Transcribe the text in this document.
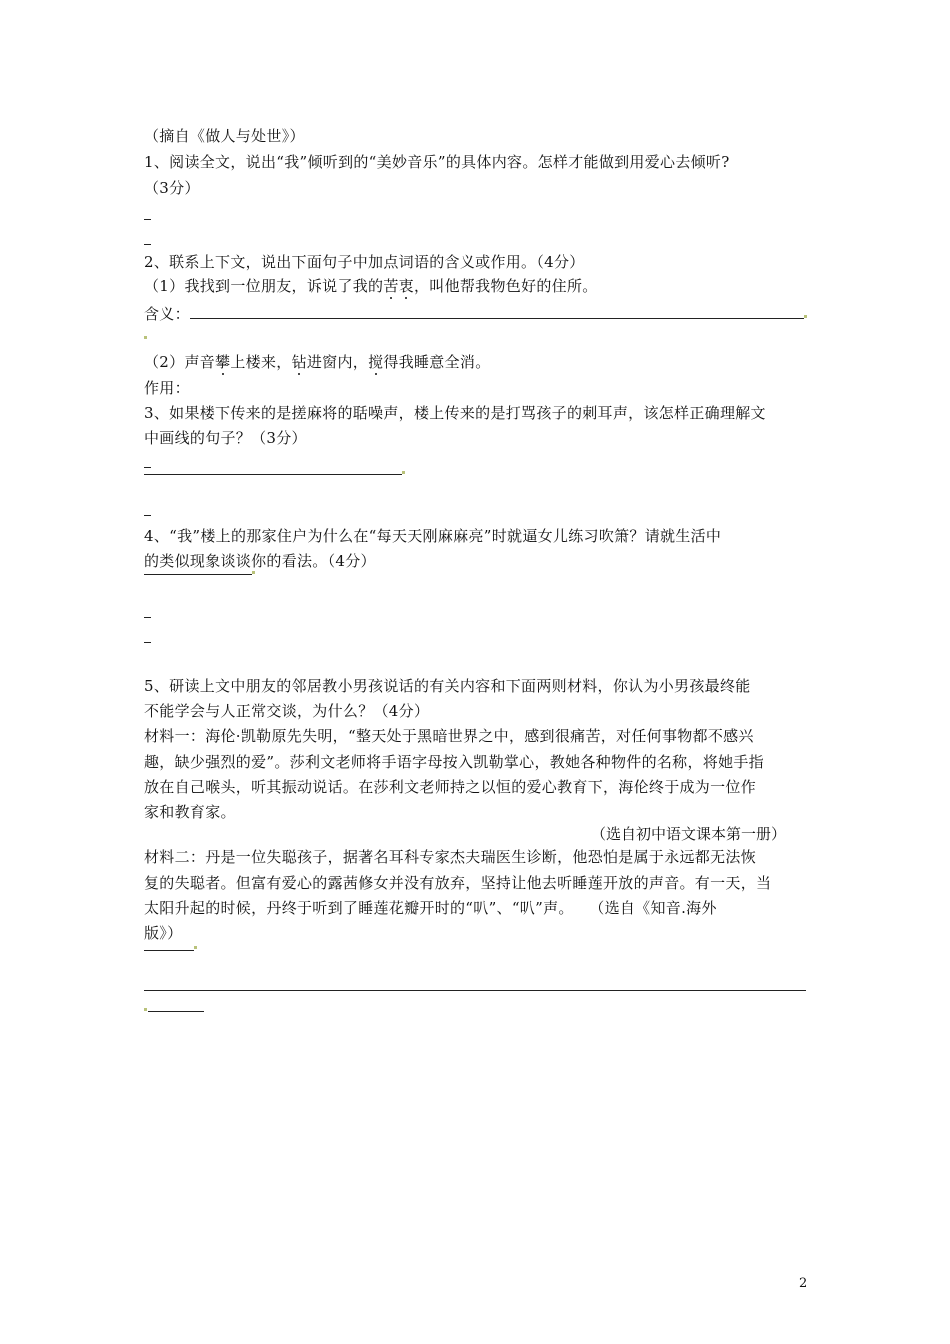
（摘自《做人与处世》）
1、阅读全文，说出“我”倾听到的“美妙音乐”的具体内容。怎样才能做到用爱心去倾听?
（3分）
2、联系上下文，说出下面句子中加点词语的含义或作用。（4分）
（1）我找到一位朋友，诉说了我的苦衷，叫他帮我物色好的住所。
含义：
（2）声音攀上楼来，钻进窗内，搅得我睡意全消。
作用：
3、如果楼下传来的是搓麻将的聒噪声，楼上传来的是打骂孩子的刺耳声，该怎样正确理解文
中画线的句子？（3分）
4、“我”楼上的那家住户为什么在“每天天刚麻麻亮”时就逼女儿练习吹箫？请就生活中
的类似现象谈谈你的看法。（4分）
5、研读上文中朋友的邻居教小男孩说话的有关内容和下面两则材料，你认为小男孩最终能
不能学会与人正常交谈，为什么？（4分）
材料一：海伦·凯勒原先失明，“整天处于黑暗世界之中，感到很痛苦，对任何事物都不感兴
趣，缺少强烈的爱”。莎利文老师将手语字母按入凯勒掌心，教她各种物件的名称，将她手指
放在自己喉头，听其振动说话。在莎利文老师持之以恒的爱心教育下，海伦终于成为一位作
家和教育家。
（选自初中语文课本第一册）
材料二：丹是一位失聪孩子，据著名耳科专家杰夫瑞医生诊断，他恐怕是属于永远都无法恢
复的失聪者。但富有爱心的露茜修女并没有放弃，坚持让他去听睡莲开放的声音。有一天，当
太阳升起的时候，丹终于听到了睡莲花瓣开时的“叭”、“叭”声。　　（选自《知音.海外
版》）
2
